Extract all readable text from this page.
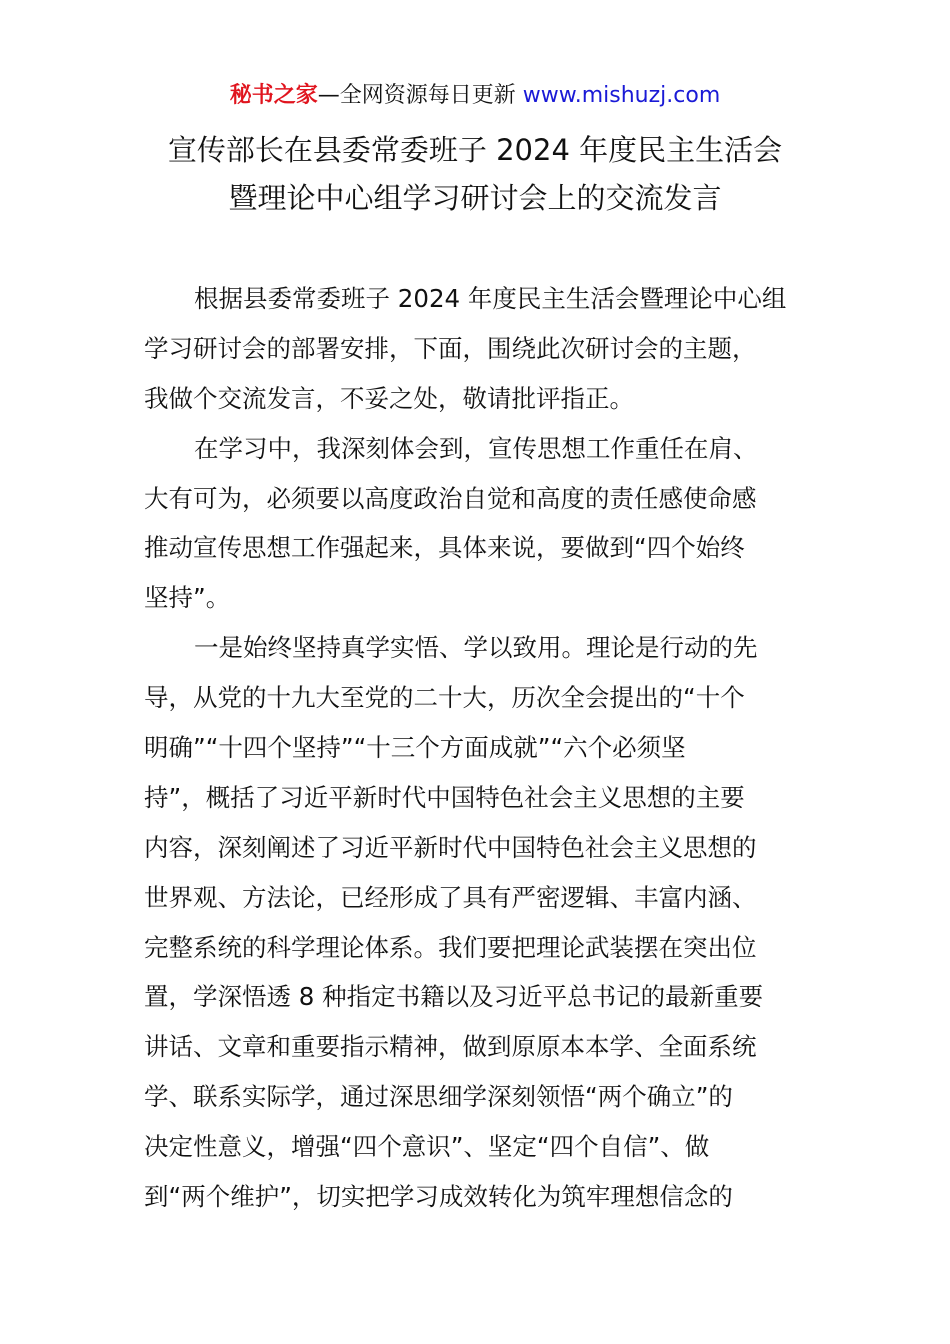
秘书之家—全网资源每日更新 www.mishuzj.com
宣传部长在县委常委班子 2024 年度民主生活会
暨理论中心组学习研讨会上的交流发言
根据县委常委班子 2024 年度民主生活会暨理论中心组
学习研讨会的部署安排，下面，围绕此次研讨会的主题，
我做个交流发言，不妥之处，敬请批评指正。
在学习中，我深刻体会到，宣传思想工作重任在肩、
大有可为，必须要以高度政治自觉和高度的责任感使命感
推动宣传思想工作强起来，具体来说，要做到“四个始终
坚持”。
一是始终坚持真学实悟、学以致用。理论是行动的先
导，从党的十九大至党的二十大，历次全会提出的“十个
明确”“十四个坚持”“十三个方面成就”“六个必须坚
持”，概括了习近平新时代中国特色社会主义思想的主要
内容，深刻阐述了习近平新时代中国特色社会主义思想的
世界观、方法论，已经形成了具有严密逻辑、丰富内涵、
完整系统的科学理论体系。我们要把理论武装摆在突出位
置，学深悟透 8 种指定书籍以及习近平总书记的最新重要
讲话、文章和重要指示精神，做到原原本本学、全面系统
学、联系实际学，通过深思细学深刻领悟“两个确立”的
决定性意义，增强“四个意识”、坚定“四个自信”、做
到“两个维护”，切实把学习成效转化为筑牢理想信念的
